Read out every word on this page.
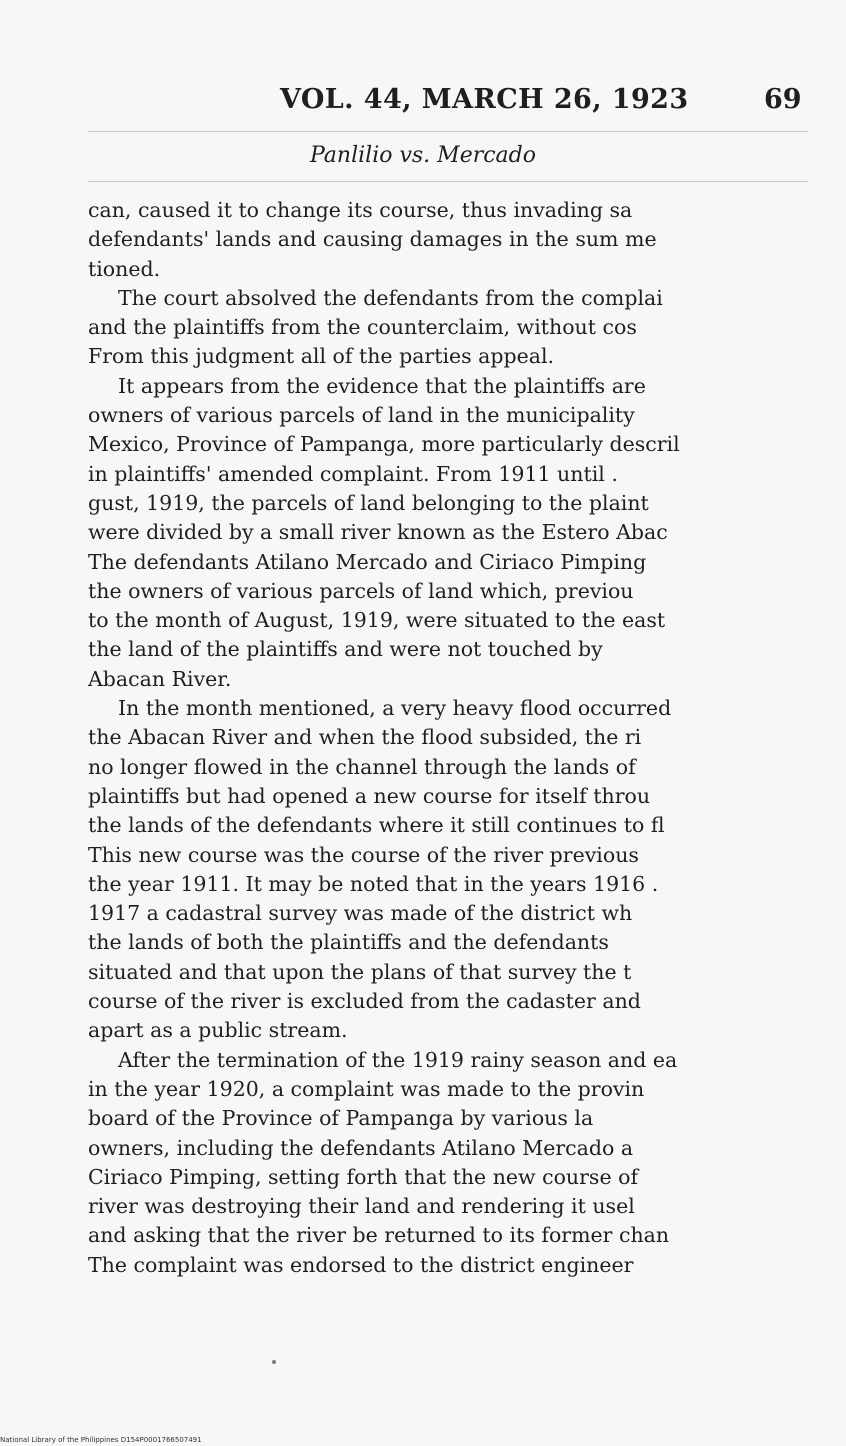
VOL. 44, MARCH 26, 1923	69
Panlilio vs. Mercado
can, caused it to change its course, thus invading sa
defendants' lands and causing damages in the sum me
tioned.
The court absolved the defendants from the complai
and the plaintiffs from the counterclaim, without cos
From this judgment all of the parties appeal.
It appears from the evidence that the plaintiffs are
owners of various parcels of land in the municipality
Mexico, Province of Pampanga, more particularly descril
in plaintiffs' amended complaint. From 1911 until .
gust, 1919, the parcels of land belonging to the plaint
were divided by a small river known as the Estero Abac
The defendants Atilano Mercado and Ciriaco Pimping
the owners of various parcels of land which, previou
to the month of August, 1919, were situated to the east
the land of the plaintiffs and were not touched by
Abacan River.
In the month mentioned, a very heavy flood occurred
the Abacan River and when the flood subsided, the ri
no longer flowed in the channel through the lands of
plaintiffs but had opened a new course for itself throu
the lands of the defendants where it still continues to fl
This new course was the course of the river previous
the year 1911. It may be noted that in the years 1916 .
1917 a cadastral survey was made of the district wh
the lands of both the plaintiffs and the defendants
situated and that upon the plans of that survey the t
course of the river is excluded from the cadaster and
apart as a public stream.
After the termination of the 1919 rainy season and ea
in the year 1920, a complaint was made to the provin
board of the Province of Pampanga by various la
owners, including the defendants Atilano Mercado a
Ciriaco Pimping, setting forth that the new course of
river was destroying their land and rendering it usel
and asking that the river be returned to its former chan
The complaint was endorsed to the district engineer
National Library of the Philippines D154P0001766507491
